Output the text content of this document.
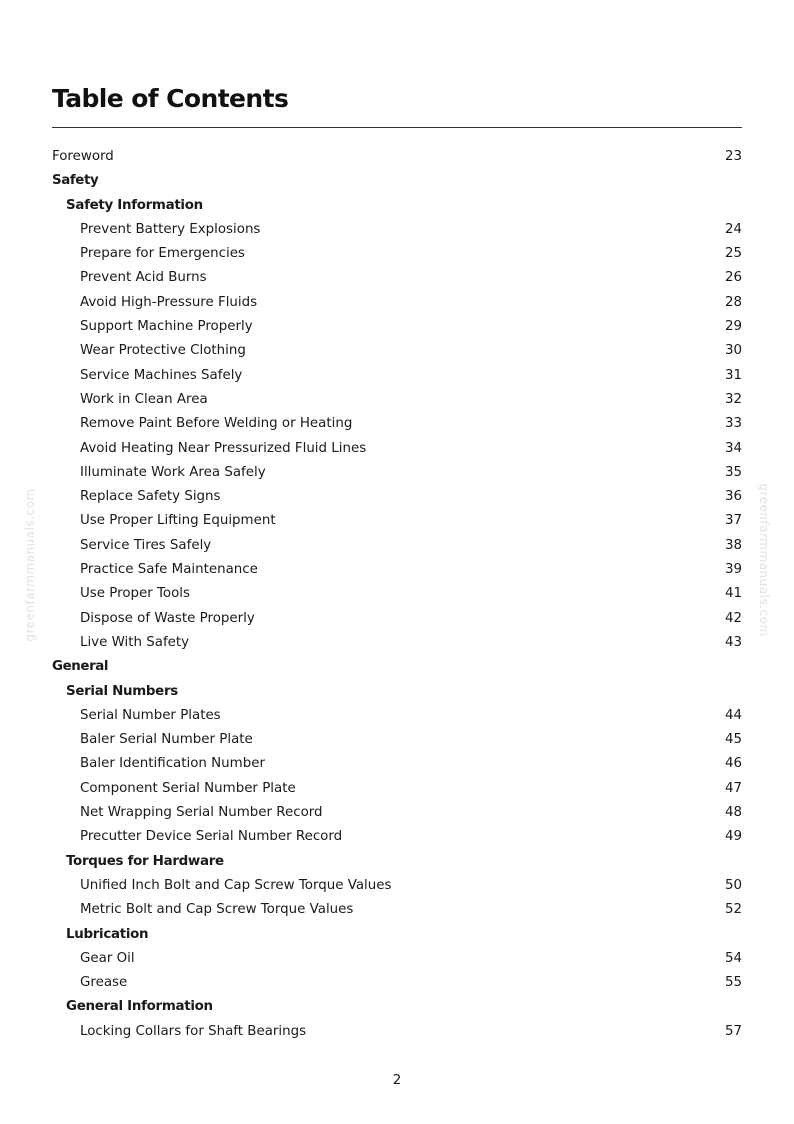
Table of Contents
Foreword	23
Safety
Safety Information
Prevent Battery Explosions	24
Prepare for Emergencies	25
Prevent Acid Burns	26
Avoid High-Pressure Fluids	28
Support Machine Properly	29
Wear Protective Clothing	30
Service Machines Safely	31
Work in Clean Area	32
Remove Paint Before Welding or Heating	33
Avoid Heating Near Pressurized Fluid Lines	34
Illuminate Work Area Safely	35
Replace Safety Signs	36
Use Proper Lifting Equipment	37
Service Tires Safely	38
Practice Safe Maintenance	39
Use Proper Tools	41
Dispose of Waste Properly	42
Live With Safety	43
General
Serial Numbers
Serial Number Plates	44
Baler Serial Number Plate	45
Baler Identification Number	46
Component Serial Number Plate	47
Net Wrapping Serial Number Record	48
Precutter Device Serial Number Record	49
Torques for Hardware
Unified Inch Bolt and Cap Screw Torque Values	50
Metric Bolt and Cap Screw Torque Values	52
Lubrication
Gear Oil	54
Grease	55
General Information
Locking Collars for Shaft Bearings	57
greenfarmmanuals.com	greenfarmmanuals.com
2
